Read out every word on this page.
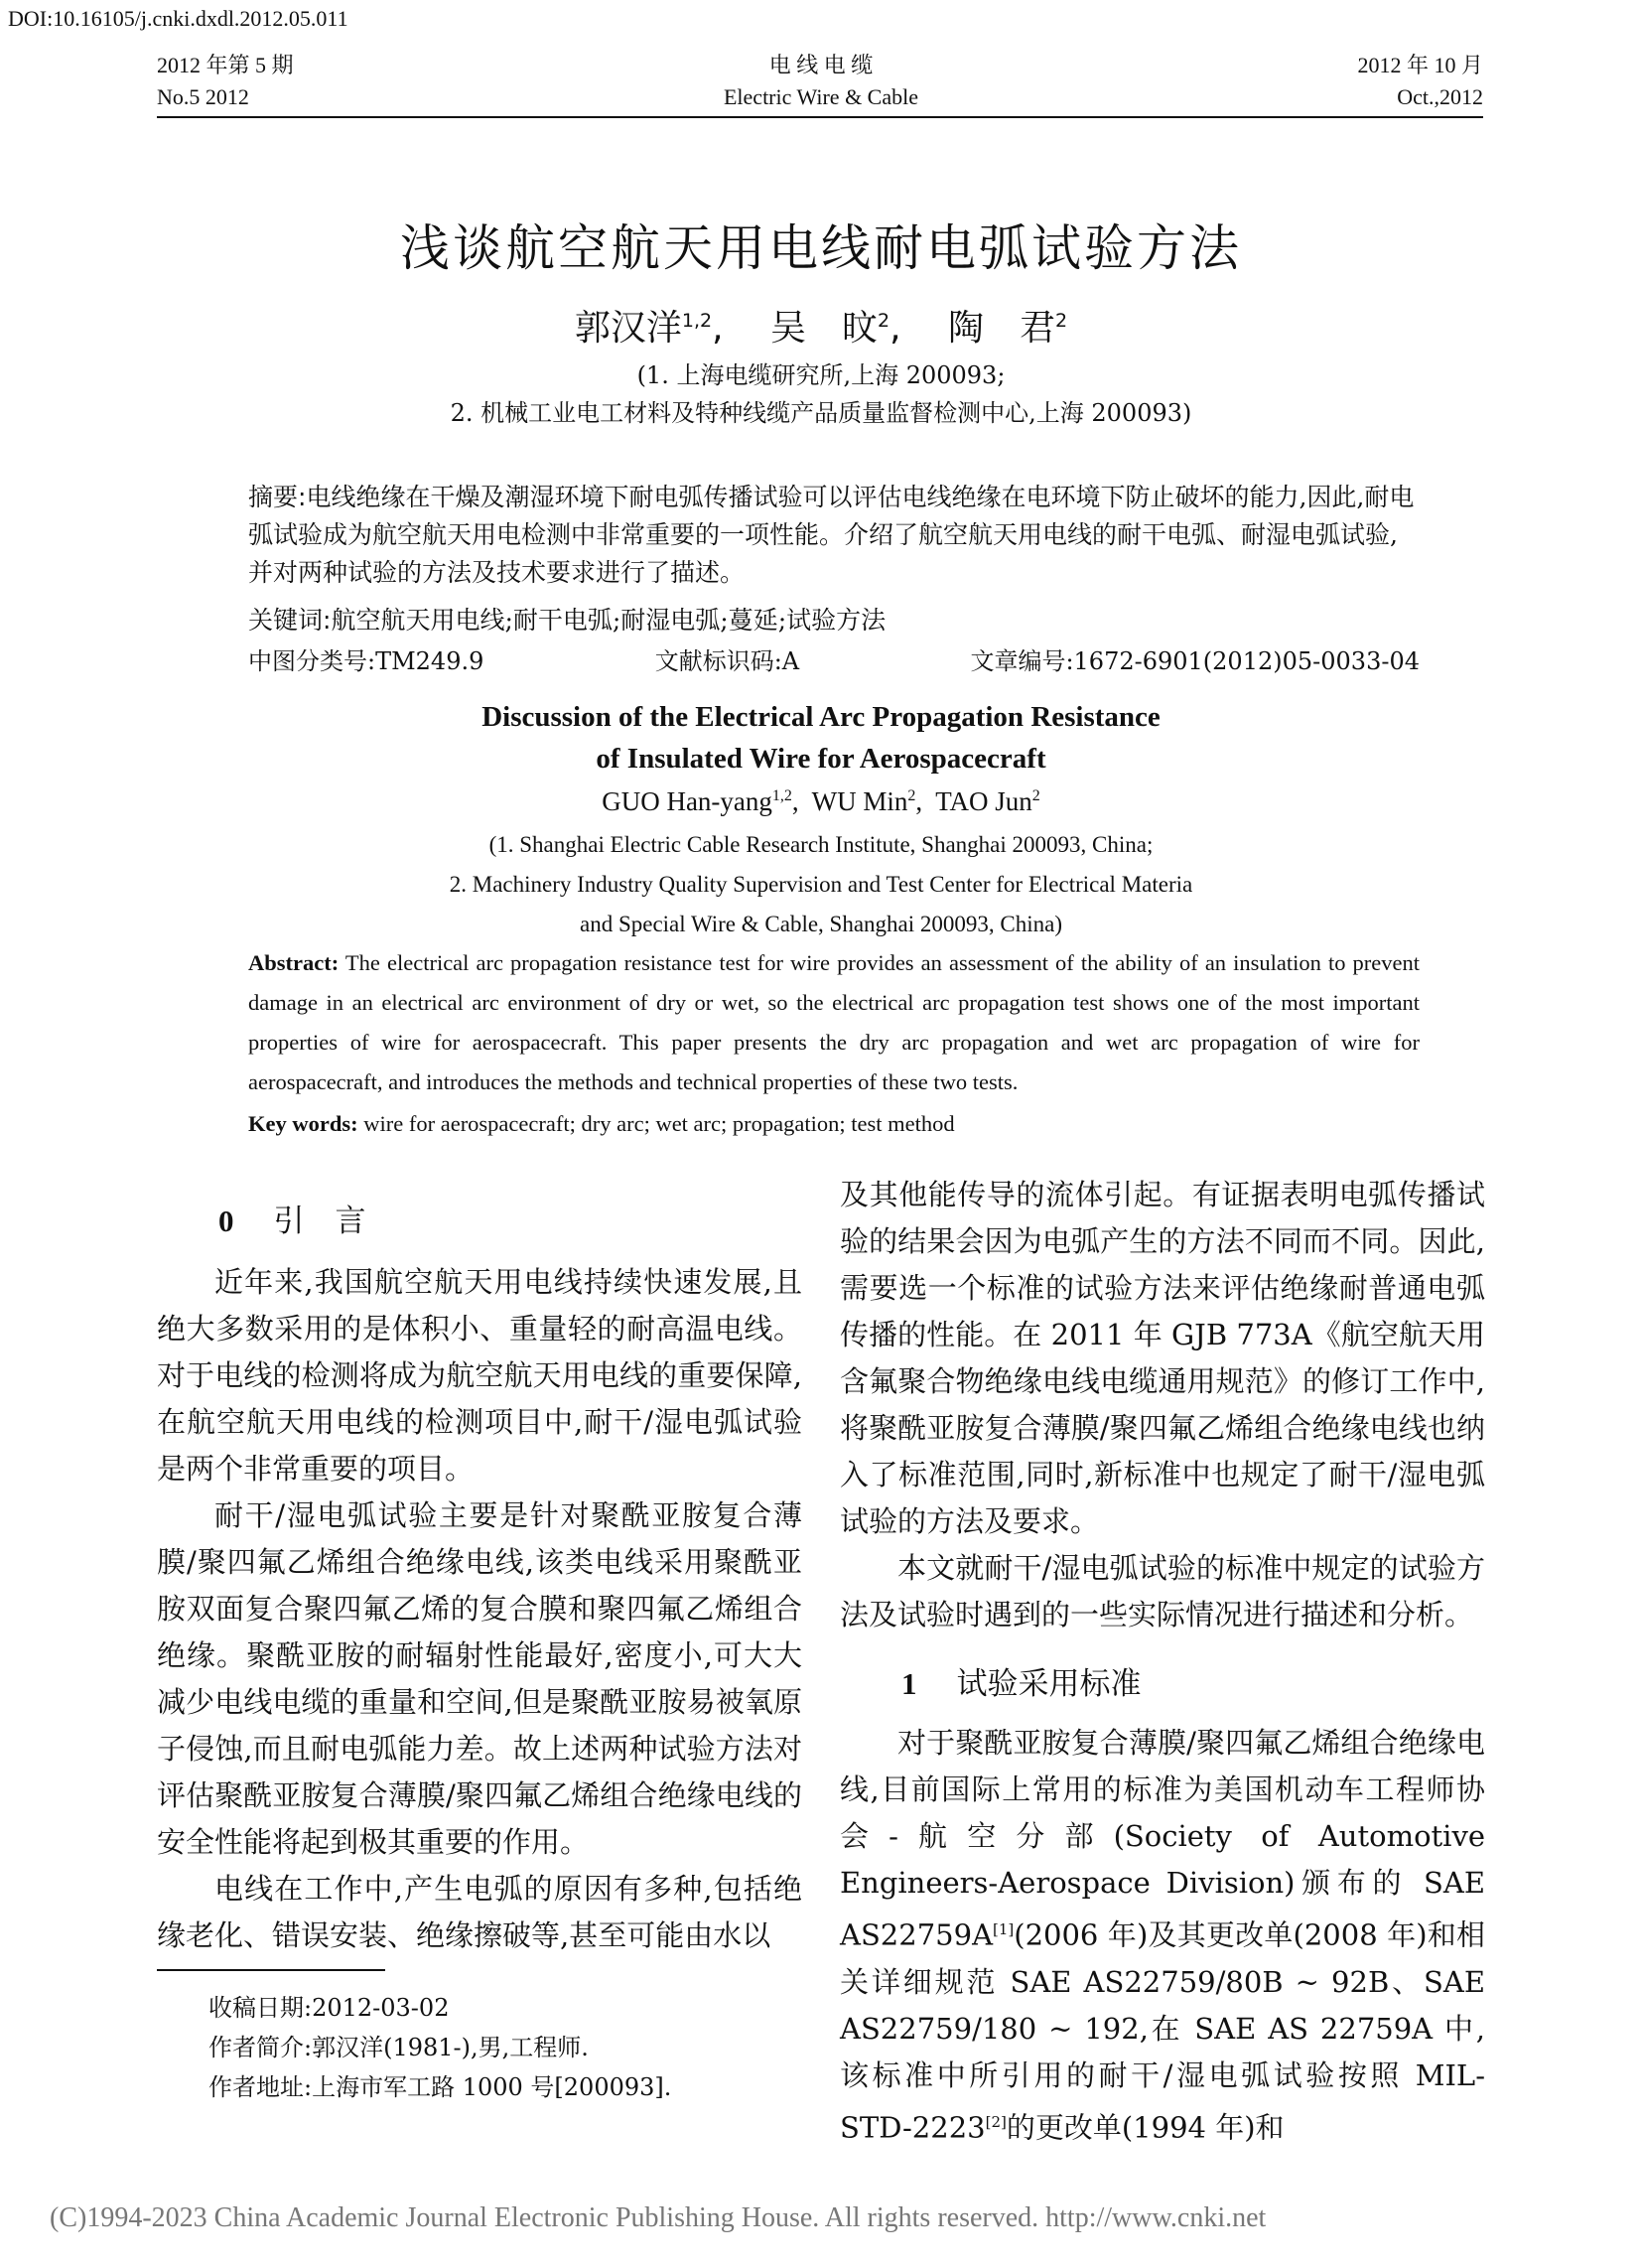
DOI:10.16105/j.cnki.dxdl.2012.05.011
2012 年第 5 期
No.5 2012
电 线 电 缆
Electric Wire & Cable
2012 年 10 月
Oct.,2012
浅谈航空航天用电线耐电弧试验方法
郭汉洋$^{1,2}$, 吴　旼$^2$, 陶　君$^2$
(1. 上海电缆研究所,上海 200093;
2. 机械工业电工材料及特种线缆产品质量监督检测中心,上海 200093)
摘要:电线绝缘在干燥及潮湿环境下耐电弧传播试验可以评估电线绝缘在电环境下防止破坏的能力,因此,耐电弧试验成为航空航天用电检测中非常重要的一项性能。介绍了航空航天用电线的耐干电弧、耐湿电弧试验,并对两种试验的方法及技术要求进行了描述。
关键词:航空航天用电线;耐干电弧;耐湿电弧;蔓延;试验方法
中图分类号:TM249.9	文献标识码:A	文章编号:1672-6901(2012)05-0033-04
Discussion of the Electrical Arc Propagation Resistance
of Insulated Wire for Aerospacecraft
GUO Han-yang$^{1,2}$, WU Min$^2$, TAO Jun$^2$
(1. Shanghai Electric Cable Research Institute, Shanghai 200093, China;
2. Machinery Industry Quality Supervision and Test Center for Electrical Materia
and Special Wire & Cable, Shanghai 200093, China)
Abstract: The electrical arc propagation resistance test for wire provides an assessment of the ability of an insulation to prevent damage in an electrical arc environment of dry or wet, so the electrical arc propagation test shows one of the most important properties of wire for aerospacecraft. This paper presents the dry arc propagation and wet arc propagation of wire for aerospacecraft, and introduces the methods and technical properties of these two tests.
Key words: wire for aerospacecraft; dry arc; wet arc; propagation; test method

0 引　言

近年来,我国航空航天用电线持续快速发展,且绝大多数采用的是体积小、重量轻的耐高温电线。对于电线的检测将成为航空航天用电线的重要保障,在航空航天用电线的检测项目中,耐干/湿电弧试验是两个非常重要的项目。

耐干/湿电弧试验主要是针对聚酰亚胺复合薄膜/聚四氟乙烯组合绝缘电线,该类电线采用聚酰亚胺双面复合聚四氟乙烯的复合膜和聚四氟乙烯组合绝缘。聚酰亚胺的耐辐射性能最好,密度小,可大大减少电线电缆的重量和空间,但是聚酰亚胺易被氧原子侵蚀,而且耐电弧能力差。故上述两种试验方法对评估聚酰亚胺复合薄膜/聚四氟乙烯组合绝缘电线的安全性能将起到极其重要的作用。

电线在工作中,产生电弧的原因有多种,包括绝缘老化、错误安装、绝缘擦破等,甚至可能由水以

及其他能传导的流体引起。有证据表明电弧传播试验的结果会因为电弧产生的方法不同而不同。因此,需要选一个标准的试验方法来评估绝缘耐普通电弧传播的性能。在 2011 年 GJB 773A《航空航天用含氟聚合物绝缘电线电缆通用规范》的修订工作中,将聚酰亚胺复合薄膜/聚四氟乙烯组合绝缘电线也纳入了标准范围,同时,新标准中也规定了耐干/湿电弧试验的方法及要求。

本文就耐干/湿电弧试验的标准中规定的试验方法及试验时遇到的一些实际情况进行描述和分析。

1 试验采用标准

对于聚酰亚胺复合薄膜/聚四氟乙烯组合绝缘电线,目前国际上常用的标准为美国机动车工程师协会-航空分部(Society of Automotive Engineers-Aerospace Division)颁布的 SAE AS22759A[1](2006 年)及其更改单(2008 年)和相关详细规范 SAE AS22759/80B ~ 92B、SAE AS22759/180 ~ 192,在 SAE AS 22759A 中,该标准中所引用的耐干/湿电弧试验按照 MIL-STD-2223[2]的更改单(1994 年)和

收稿日期:2012-03-02
作者简介:郭汉洋(1981-),男,工程师.
作者地址:上海市军工路 1000 号[200093].
(C)1994-2023 China Academic Journal Electronic Publishing House. All rights reserved. http://www.cnki.net
